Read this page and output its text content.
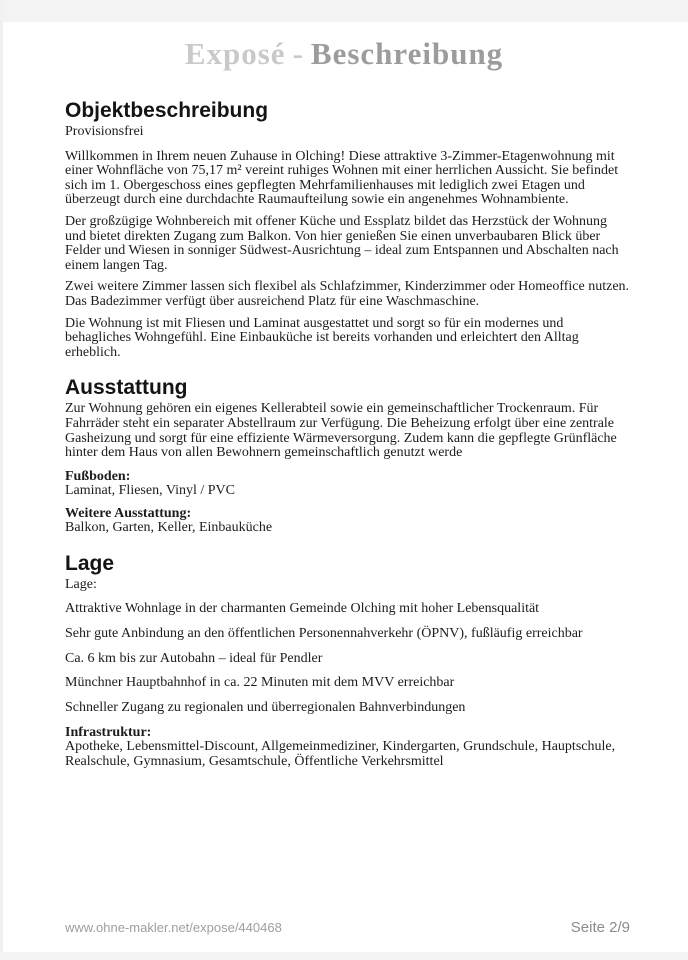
Exposé - Beschreibung
Objektbeschreibung

Provisionsfrei

Willkommen in Ihrem neuen Zuhause in Olching! Diese attraktive 3-Zimmer-Etagenwohnung mit einer Wohnfläche von 75,17 m² vereint ruhiges Wohnen mit einer herrlichen Aussicht. Sie befindet sich im 1. Obergeschoss eines gepflegten Mehrfamilienhauses mit lediglich zwei Etagen und überzeugt durch eine durchdachte Raumaufteilung sowie ein angenehmes Wohnambiente.

Der großzügige Wohnbereich mit offener Küche und Essplatz bildet das Herzstück der Wohnung und bietet direkten Zugang zum Balkon. Von hier genießen Sie einen unverbaubaren Blick über Felder und Wiesen in sonniger Südwest-Ausrichtung – ideal zum Entspannen und Abschalten nach einem langen Tag.

Zwei weitere Zimmer lassen sich flexibel als Schlafzimmer, Kinderzimmer oder Homeoffice nutzen. Das Badezimmer verfügt über ausreichend Platz für eine Waschmaschine.

Die Wohnung ist mit Fliesen und Laminat ausgestattet und sorgt so für ein modernes und behagliches Wohngefühl. Eine Einbauküche ist bereits vorhanden und erleichtert den Alltag erheblich.

Ausstattung

Zur Wohnung gehören ein eigenes Kellerabteil sowie ein gemeinschaftlicher Trockenraum. Für Fahrräder steht ein separater Abstellraum zur Verfügung. Die Beheizung erfolgt über eine zentrale Gasheizung und sorgt für eine effiziente Wärmeversorgung. Zudem kann die gepflegte Grünfläche hinter dem Haus von allen Bewohnern gemeinschaftlich genutzt werde

Fußboden:
Laminat, Fliesen, Vinyl / PVC
Weitere Ausstattung:
Balkon, Garten, Keller, Einbauküche
Lage

Lage:

Attraktive Wohnlage in der charmanten Gemeinde Olching mit hoher Lebensqualität

Sehr gute Anbindung an den öffentlichen Personennahverkehr (ÖPNV), fußläufig erreichbar

Ca. 6 km bis zur Autobahn – ideal für Pendler

Münchner Hauptbahnhof in ca. 22 Minuten mit dem MVV erreichbar

Schneller Zugang zu regionalen und überregionalen Bahnverbindungen

Infrastruktur:
Apotheke, Lebensmittel-Discount, Allgemeinmediziner, Kindergarten, Grundschule, Hauptschule, Realschule, Gymnasium, Gesamtschule, Öffentliche Verkehrsmittel
www.ohne-makler.net/expose/440468	Seite 2/9
